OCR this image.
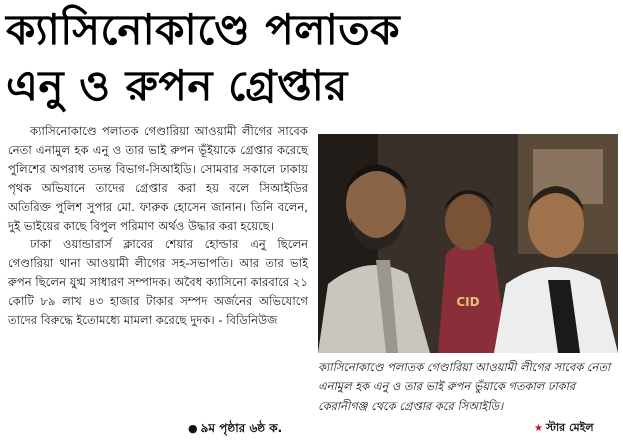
ক্যাসিনোকাণ্ডে পলাতক
এনু ও রুপন গ্রেপ্তার

ক্যাসিনোকাণ্ডে পলাতক গেণ্ডারিয়া আওয়ামী লীগের সাবেক নেতা এনামুল হক এনু ও তার ভাই রুপন ভূঁইয়াকে গ্রেপ্তার করেছে পুলিশের অপরাধ তদন্ত বিভাগ-সিআইডি। সোমবার সকালে ঢাকায় পৃথক অভিযানে তাদের গ্রেপ্তার করা হয় বলে সিআইডির অতিরিক্ত পুলিশ সুপার মো. ফারুক হোসেন জানান। তিনি বলেন, দুই ভাইয়ের কাছে বিপুল পরিমাণ অর্থও উদ্ধার করা হয়েছে।

ঢাকা ওয়ান্ডারার্স ক্লাবের শেয়ার হোল্ডার এনু ছিলেন গেণ্ডারিয়া থানা আওয়ামী লীগের সহ-সভাপতি। আর তার ভাই রুপন ছিলেন যুগ্ম সাধারণ সম্পাদক। অবৈধ ক্যাসিনো কারবারে ২১ কোটি ৮৯ লাখ ৪৩ হাজার টাকার সম্পদ অর্জনের অভিযোগে তাদের বিরুদ্ধে ইতোমধ্যে মামলা করেছে দুদক। - বিডিনিউজ

● ৯ম পৃষ্ঠার ৬ষ্ঠ ক.
CID

ক্যাসিনোকাণ্ডে পলাতক গেণ্ডারিয়া আওয়ামী লীগের সাবেক নেতা এনামুল হক এনু ও তার ভাই রুপন ভুঁয়াকে গতকাল ঢাকার কেরানীগঞ্জ থেকে গ্রেপ্তার করে সিআইডি।

★ স্টার মেইল
